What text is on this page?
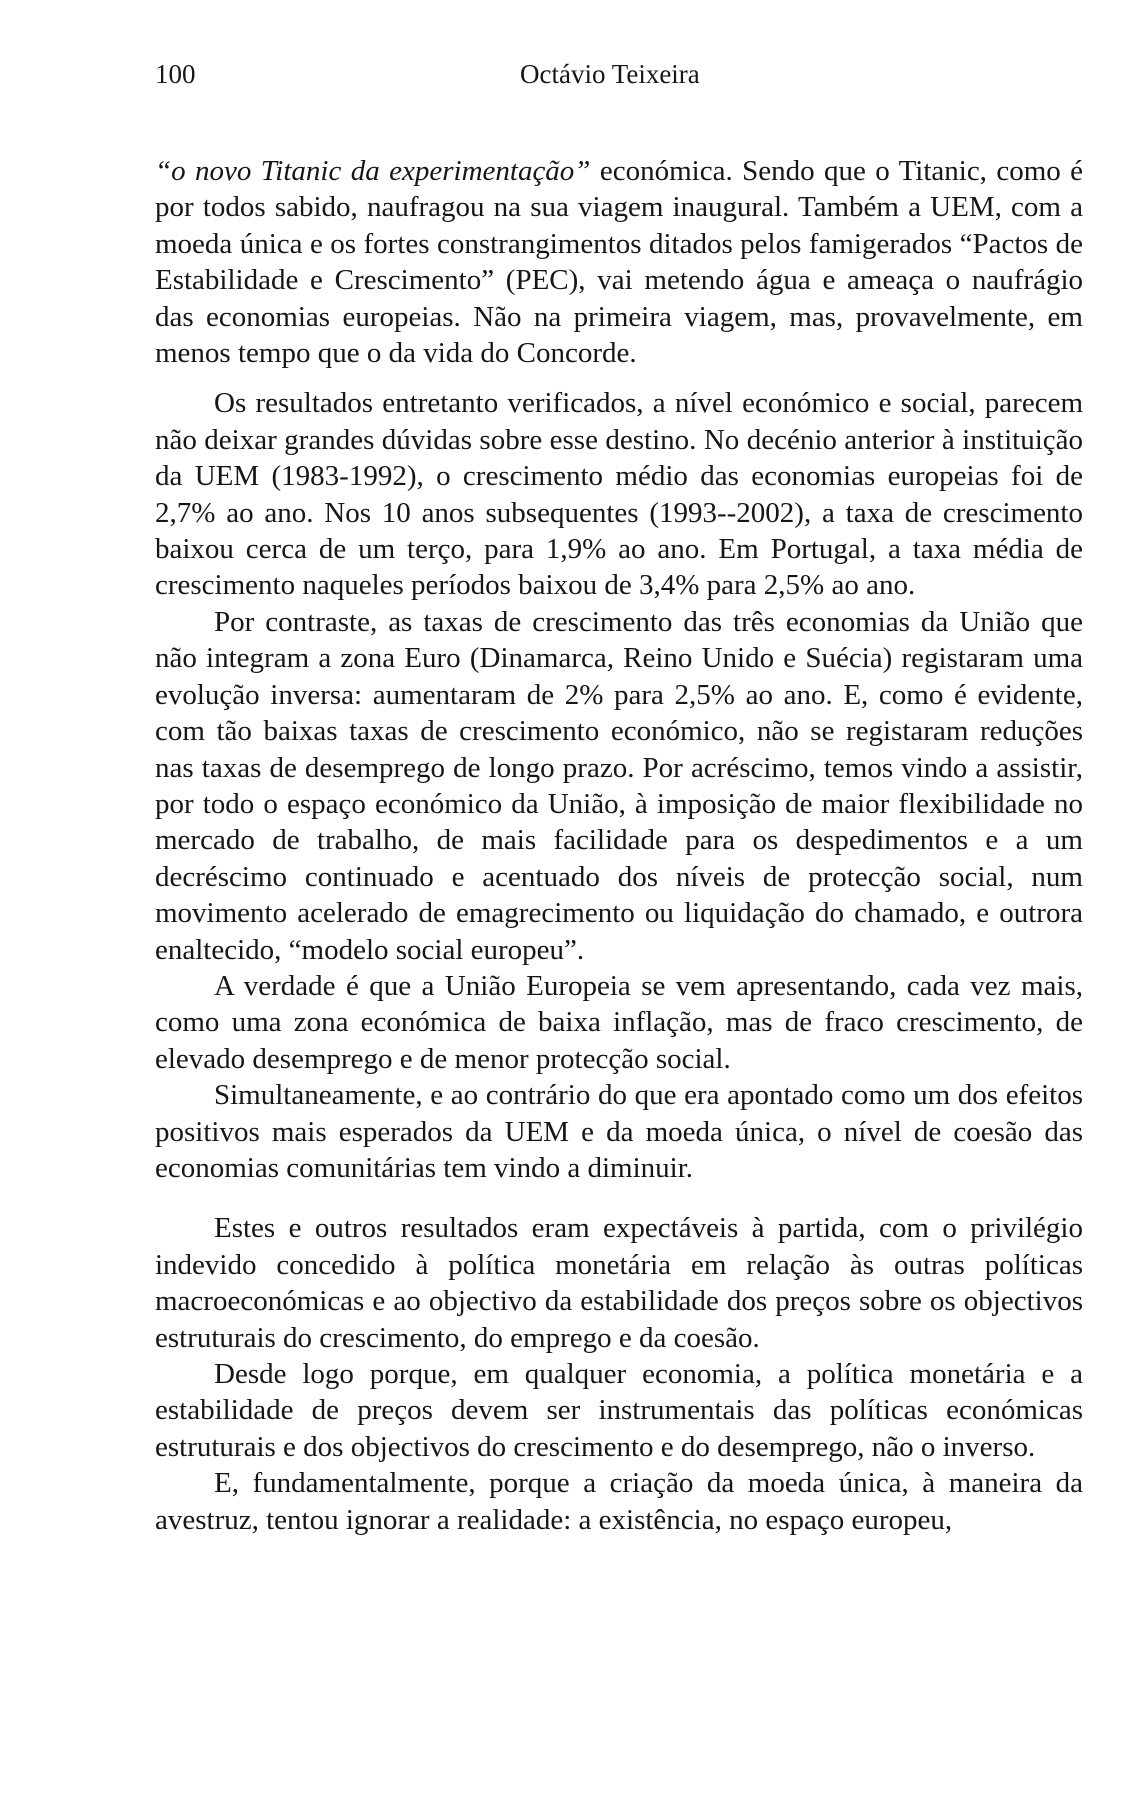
100	Octávio Teixeira

“o novo Titanic da experimentação” económica. Sendo que o Titanic, como é por todos sabido, naufragou na sua viagem inaugural. Também a UEM, com a moeda única e os fortes constrangimentos ditados pelos famigerados “Pactos de Estabilidade e Crescimento” (PEC), vai metendo água e ameaça o naufrágio das economias europeias. Não na primeira viagem, mas, provavelmente, em menos tempo que o da vida do Concorde.

Os resultados entretanto verificados, a nível económico e social, parecem não deixar grandes dúvidas sobre esse destino. No decénio anterior à instituição da UEM (1983-1992), o crescimento médio das economias europeias foi de 2,7% ao ano. Nos 10 anos subsequentes (1993--2002), a taxa de crescimento baixou cerca de um terço, para 1,9% ao ano. Em Portugal, a taxa média de crescimento naqueles períodos baixou de 3,4% para 2,5% ao ano.

Por contraste, as taxas de crescimento das três economias da União que não integram a zona Euro (Dinamarca, Reino Unido e Suécia) registaram uma evolução inversa: aumentaram de 2% para 2,5% ao ano. E, como é evidente, com tão baixas taxas de crescimento económico, não se registaram reduções nas taxas de desemprego de longo prazo. Por acréscimo, temos vindo a assistir, por todo o espaço económico da União, à imposição de maior flexibilidade no mercado de trabalho, de mais facilidade para os despedimentos e a um decréscimo continuado e acentuado dos níveis de protecção social, num movimento acelerado de emagrecimento ou liquidação do chamado, e outrora enaltecido, “modelo social europeu”.

A verdade é que a União Europeia se vem apresentando, cada vez mais, como uma zona económica de baixa inflação, mas de fraco crescimento, de elevado desemprego e de menor protecção social.

Simultaneamente, e ao contrário do que era apontado como um dos efeitos positivos mais esperados da UEM e da moeda única, o nível de coesão das economias comunitárias tem vindo a diminuir.

Estes e outros resultados eram expectáveis à partida, com o privilégio indevido concedido à política monetária em relação às outras políticas macroeconómicas e ao objectivo da estabilidade dos preços sobre os objectivos estruturais do crescimento, do emprego e da coesão.

Desde logo porque, em qualquer economia, a política monetária e a estabilidade de preços devem ser instrumentais das políticas económicas estruturais e dos objectivos do crescimento e do desemprego, não o inverso.

E, fundamentalmente, porque a criação da moeda única, à maneira da avestruz, tentou ignorar a realidade: a existência, no espaço europeu,
